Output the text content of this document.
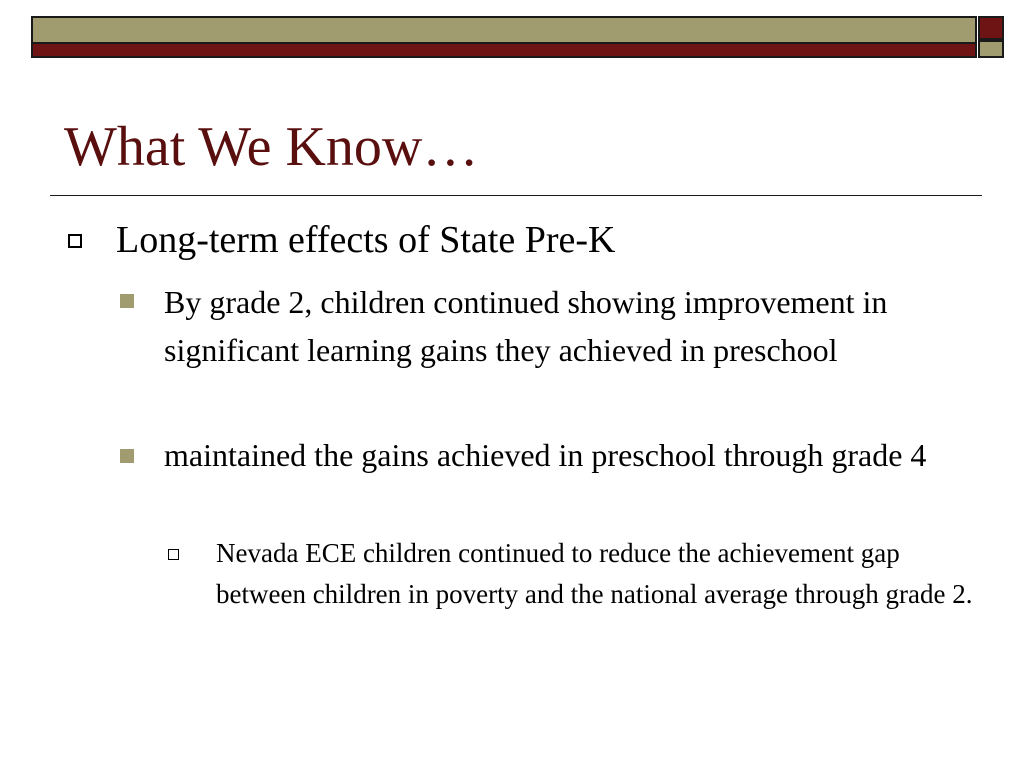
What We Know…
Long-term effects of State Pre-K
By grade 2, children continued showing improvement in significant learning gains they achieved in preschool
maintained the gains achieved in preschool through grade 4
Nevada ECE children continued to reduce the achievement gap between children in poverty and the national average through grade 2.
